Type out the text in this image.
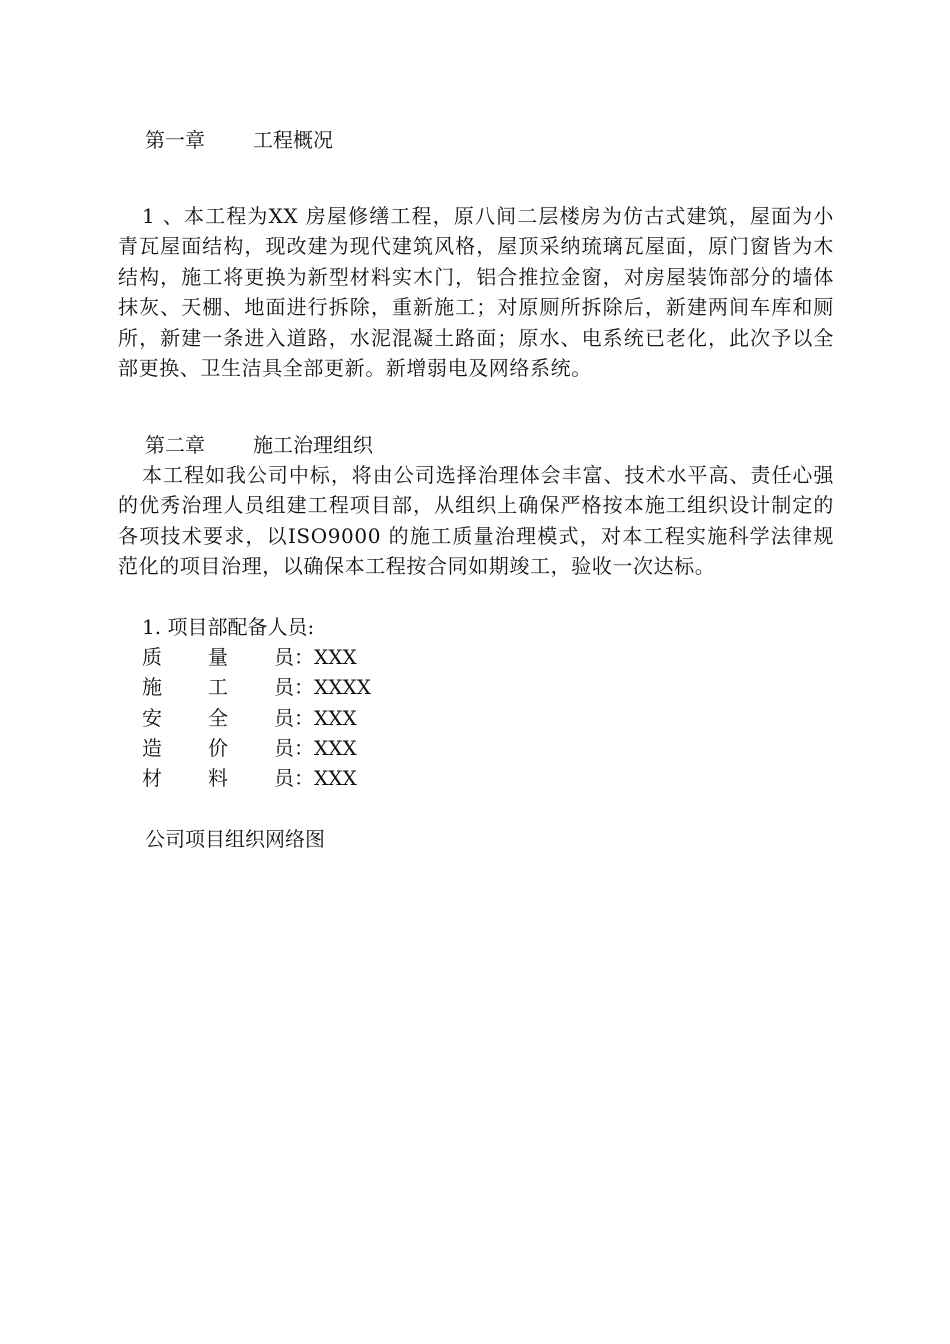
第一章 工程概况

1 、本工程为XX 房屋修缮工程，原八间二层楼房为仿古式建筑，屋面为小青瓦屋面结构，现改建为现代建筑风格，屋顶采纳琉璃瓦屋面，原门窗皆为木结构，施工将更换为新型材料实木门，铝合推拉金窗，对房屋装饰部分的墙体抹灰、天棚、地面进行拆除，重新施工；对原厕所拆除后，新建两间车库和厕所，新建一条进入道路，水泥混凝土路面；原水、电系统已老化，此次予以全部更换、卫生洁具全部更新。新增弱电及网络系统。

第二章 施工治理组织

本工程如我公司中标，将由公司选择治理体会丰富、技术水平高、责任心强的优秀治理人员组建工程项目部，从组织上确保严格按本施工组织设计制定的各项技术要求，以ISO9000 的施工质量治理模式，对本工程实施科学法律规范化的项目治理，以确保本工程按合同如期竣工，验收一次达标。

1. 项目部配备人员:
质 量 员：XXX
施 工 员：XXXX
安 全 员：XXX
造 价 员：XXX
材 料 员：XXX
公司项目组织网络图
